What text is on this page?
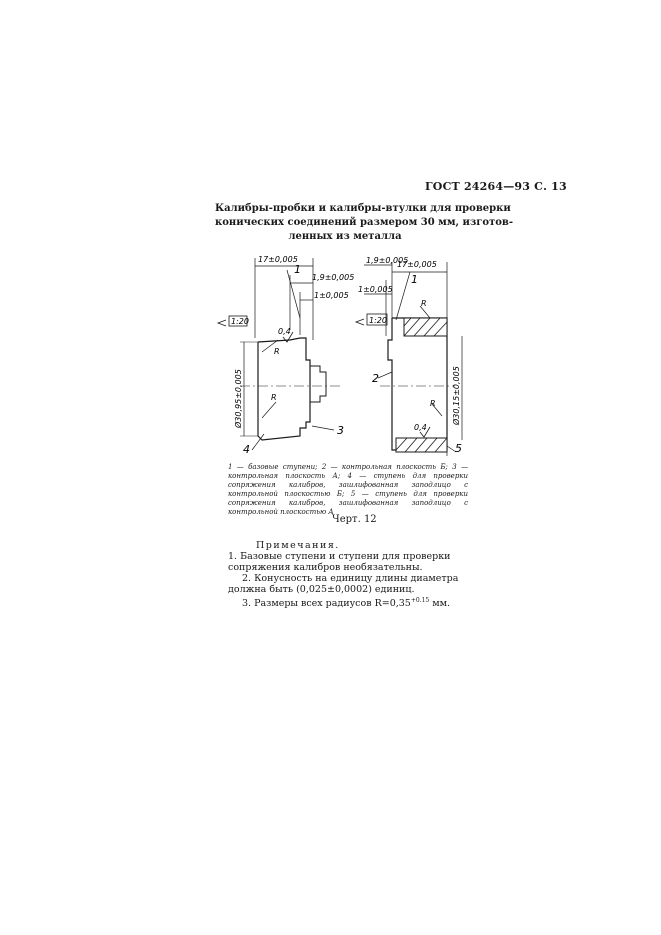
ГОСТ 24264—93 С. 13
Калибры-пробки и калибры-втулки для проверки
конических соединений размером 30 мм, изготов-
ленных из металла
17±0,005
1
1,9±0,005
1±0,005
1:20
0,4
R
R
Ø30,95±0,005
3
4
1,9±0,005
17±0,005
1
1±0,005
R
1:20
2
R
0,4
Ø30,15±0,005
5
1 — базовые ступени; 2 — контрольная плоскость Б; 3 — контрольная плоскость А; 4 — ступень для проверки сопряжения калибров, зашлифованная заподлицо с контрольной плоскостью Б; 5 — ступень для проверки сопряжения калибров, зашлифованная заподлицо с контрольной плоскостью А
Черт. 12
Примечания.

1. Базовые ступени и ступени для проверки сопряжения калибров необязательны.

2. Конусность на единицу длины диаметра должна быть (0,025±0,0002) единиц.

3. Размеры всех радиусов $R=0,35^{+0.15}$ мм.
